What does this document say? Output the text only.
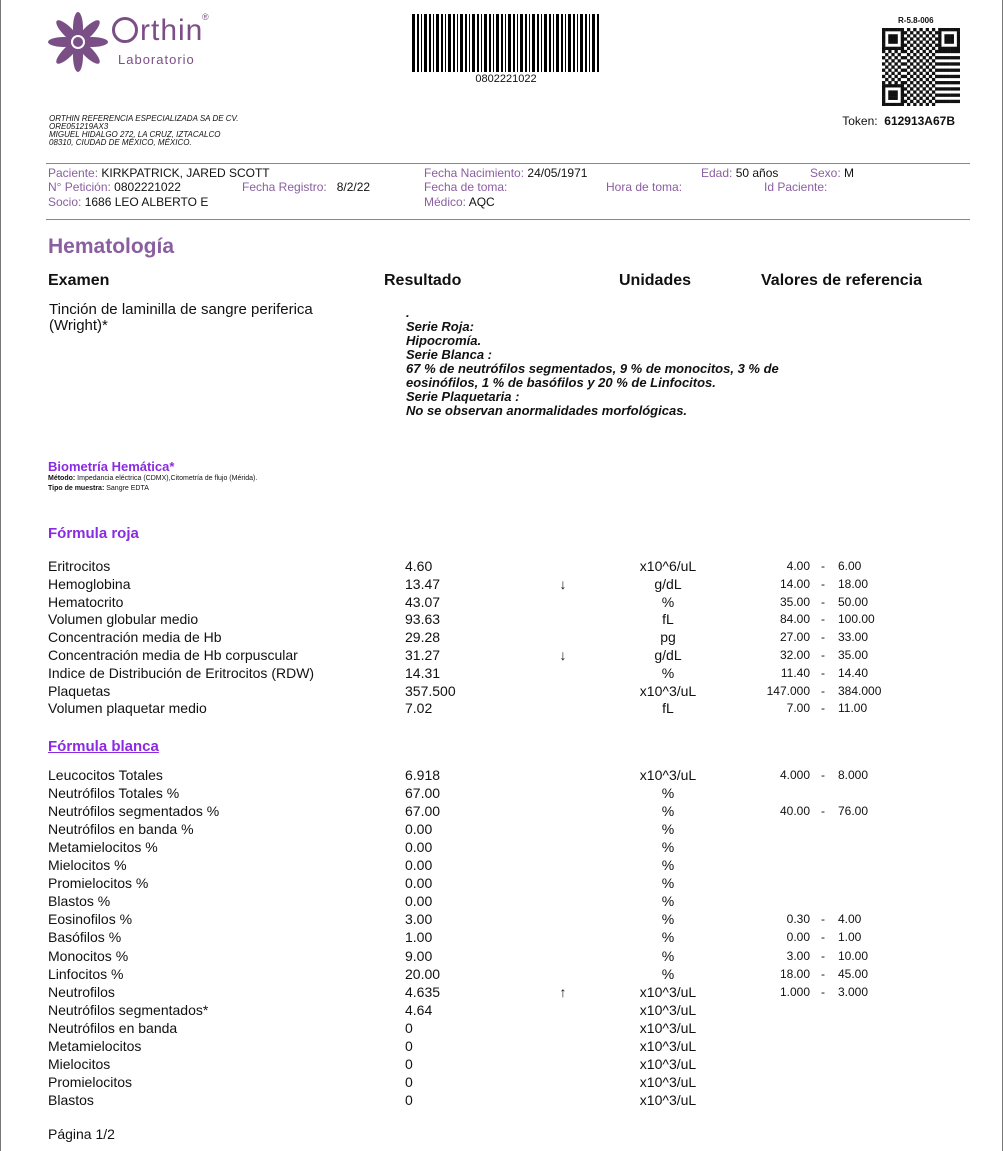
rthin
®
Laboratorio
0802221022
R-5.8-006
ORTHIN REFERENCIA ESPECIALIZADA SA DE CV.
ORE051219AX3
MIGUEL HIDALGO 272, LA CRUZ, IZTACALCO
08310, CIUDAD DE MÉXICO, MÉXICO.
Token: 612913A67B
Paciente: KIRKPATRICK, JARED SCOTT
N° Petición: 0802221022	Fecha Registro: 8/2/22
Socio: 1686 LEO ALBERTO E
Fecha Nacimiento: 24/05/1971
Fecha de toma:	Hora de toma:
Médico: AQC
Edad: 50 años	Sexo: M
Id Paciente:
Hematología
Examen	Resultado	Unidades	Valores de referencia
Tinción de laminilla de sangre periferica
(Wright)*
.
Serie Roja:
Hipocromía.
Serie Blanca :
67 % de neutrófilos segmentados, 9 % de monocitos, 3 % de
eosinófilos, 1 % de basófilos y 20 % de Linfocitos.
Serie Plaquetaria :
No se observan anormalidades morfológicas.
Biometría Hemática*
Método: Impedancia eléctrica (CDMX),Citometría de flujo (Mérida).
Tipo de muestra: Sangre EDTA
Fórmula roja
Eritrocitos	4.60	x10^6/uL	4.00 - 6.00
Hemoglobina	13.47	↓	g/dL	14.00 - 18.00
Hematocrito	43.07	%	35.00 - 50.00
Volumen globular medio	93.63	fL	84.00 - 100.00
Concentración media de Hb	29.28	pg	27.00 - 33.00
Concentración media de Hb corpuscular	31.27	↓	g/dL	32.00 - 35.00
Indice de Distribución de Eritrocitos (RDW)	14.31	%	11.40 - 14.40
Plaquetas	357.500	x10^3/uL	147.000 - 384.000
Volumen plaquetar medio	7.02	fL	7.00 - 11.00
Fórmula blanca
Leucocitos Totales	6.918	x10^3/uL	4.000 - 8.000
Neutrófilos Totales %	67.00	%
Neutrófilos segmentados %	67.00	%	40.00 - 76.00
Neutrófilos en banda %	0.00	%
Metamielocitos %	0.00	%
Mielocitos %	0.00	%
Promielocitos %	0.00	%
Blastos %	0.00	%
Eosinofilos %	3.00	%	0.30 - 4.00
Basófilos %	1.00	%	0.00 - 1.00
Monocitos %	9.00	%	3.00 - 10.00
Linfocitos %	20.00	%	18.00 - 45.00
Neutrofilos	4.635	↑	x10^3/uL	1.000 - 3.000
Neutrófilos segmentados*	4.64	x10^3/uL
Neutrófilos en banda	0	x10^3/uL
Metamielocitos	0	x10^3/uL
Mielocitos	0	x10^3/uL
Promielocitos	0	x10^3/uL
Blastos	0	x10^3/uL
Página 1/2
